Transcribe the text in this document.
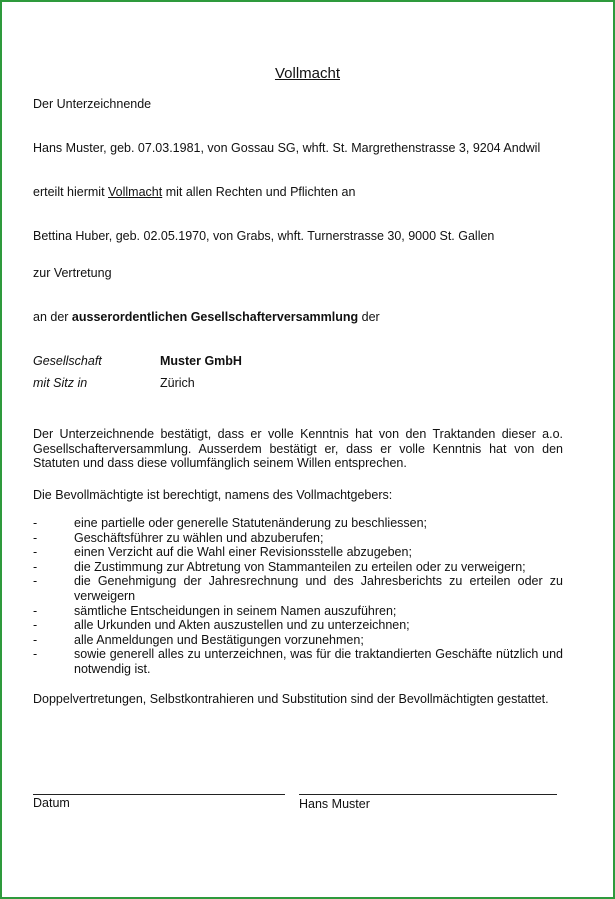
Vollmacht
Der Unterzeichnende
Hans Muster, geb. 07.03.1981, von Gossau SG, whft. St. Margrethenstrasse 3, 9204 Andwil
erteilt hiermit Vollmacht mit allen Rechten und Pflichten an
Bettina Huber, geb. 02.05.1970, von Grabs, whft. Turnerstrasse 30, 9000 St. Gallen
zur Vertretung
an der ausserordentlichen Gesellschafterversammlung der
Gesellschaft	Muster GmbH
mit Sitz in	Zürich
Der Unterzeichnende bestätigt, dass er volle Kenntnis hat von den Traktanden dieser a.o. Gesellschafterversammlung. Ausserdem bestätigt er, dass er volle Kenntnis hat von den Statuten und dass diese vollumfänglich seinem Willen entsprechen.
Die Bevollmächtigte ist berechtigt, namens des Vollmachtgebers:
-	eine partielle oder generelle Statutenänderung zu beschliessen;
-	Geschäftsführer zu wählen und abzuberufen;
-	einen Verzicht auf die Wahl einer Revisionsstelle abzugeben;
-	die Zustimmung zur Abtretung von Stammanteilen zu erteilen oder zu verweigern;
-	die Genehmigung der Jahresrechnung und des Jahresberichts zu erteilen oder zu verweigern
-	sämtliche Entscheidungen in seinem Namen auszuführen;
-	alle Urkunden und Akten auszustellen und zu unterzeichnen;
-	alle Anmeldungen und Bestätigungen vorzunehmen;
-	sowie generell alles zu unterzeichnen, was für die traktandierten Geschäfte nützlich und notwendig ist.
Doppelvertretungen, Selbstkontrahieren und Substitution sind der Bevollmächtigten gestattet.
Datum	Hans Muster
